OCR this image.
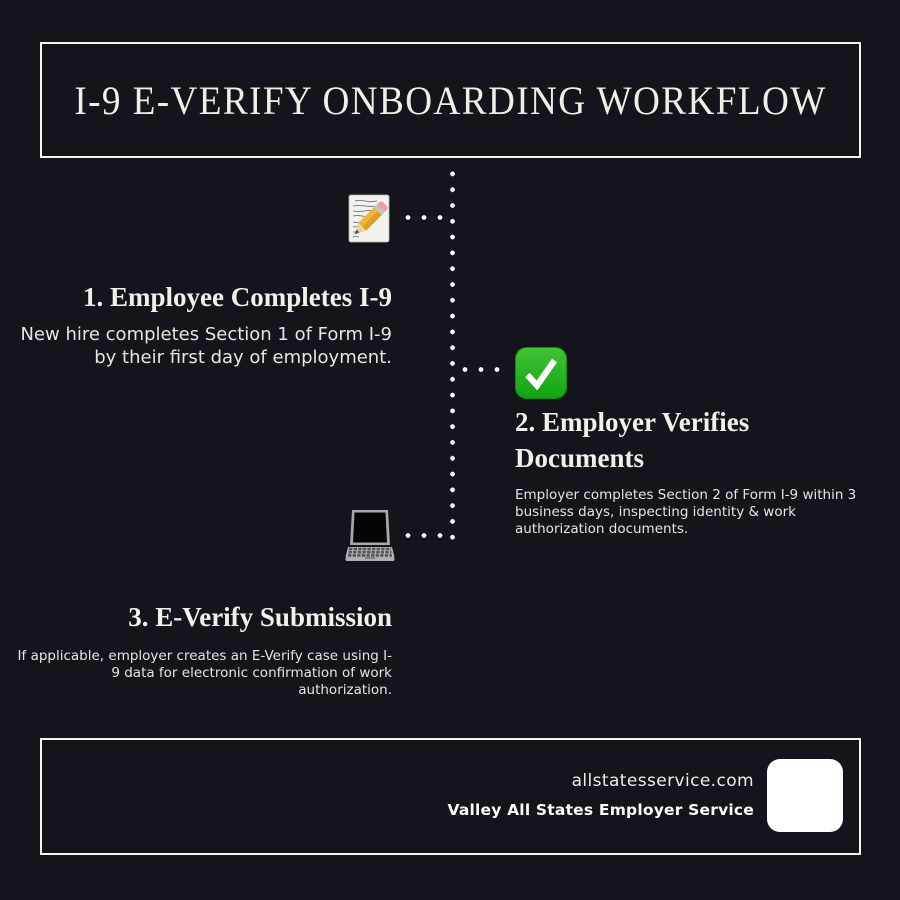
I-9 E-VERIFY ONBOARDING WORKFLOW
1. Employee Completes I-9
New hire completes Section 1 of Form I-9 by their first day of employment.
2. Employer Verifies Documents
Employer completes Section 2 of Form I-9 within 3 business days, inspecting identity & work authorization documents.
3. E-Verify Submission
If applicable, employer creates an E-Verify case using I-9 data for electronic confirmation of work authorization.
allstatesservice.com
Valley All States Employer Service
